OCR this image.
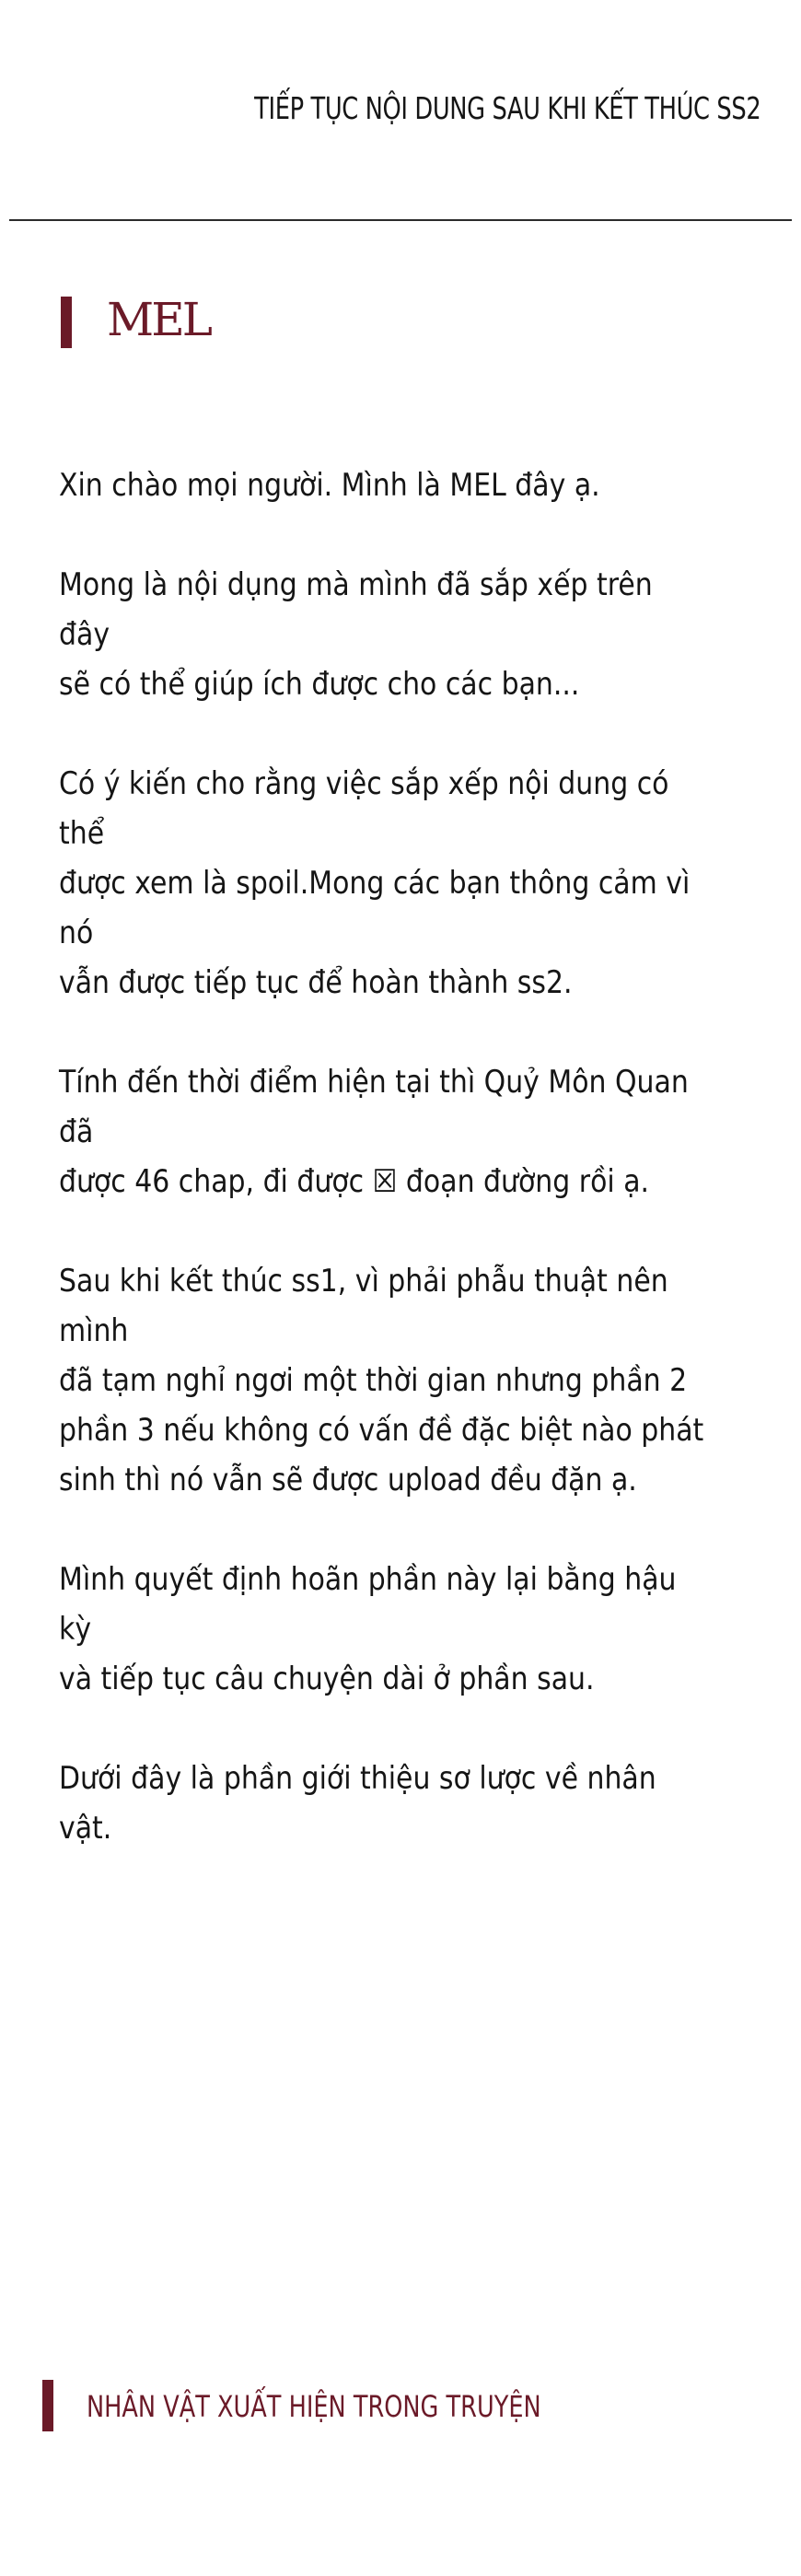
TIẾP TỤC NỘI DUNG SAU KHI KẾT THÚC SS2
MEL
Xin chào mọi người. Mình là MEL đây ạ.
Mong là nội dụng mà mình đã sắp xếp trên đây
sẽ có thể giúp ích được cho các bạn...
Có ý kiến cho rằng việc sắp xếp nội dung có thể
được xem là spoil.Mong các bạn thông cảm vì nó
vẫn được tiếp tục để hoàn thành ss2.
Tính đến thời điểm hiện tại thì Quỷ Môn Quan đã
được 46 chap, đi được ☒ đoạn đường rồi ạ.
Sau khi kết thúc ss1, vì phải phẫu thuật nên mình
đã tạm nghỉ ngơi một thời gian nhưng phần 2
phần 3 nếu không có vấn đề đặc biệt nào phát
sinh thì nó vẫn sẽ được upload đều đặn ạ.
Mình quyết định hoãn phần này lại bằng hậu kỳ
và tiếp tục câu chuyện dài ở phần sau.
Dưới đây là phần giới thiệu sơ lược về nhân vật.
NHÂN VẬT XUẤT HIỆN TRONG TRUYỆN
